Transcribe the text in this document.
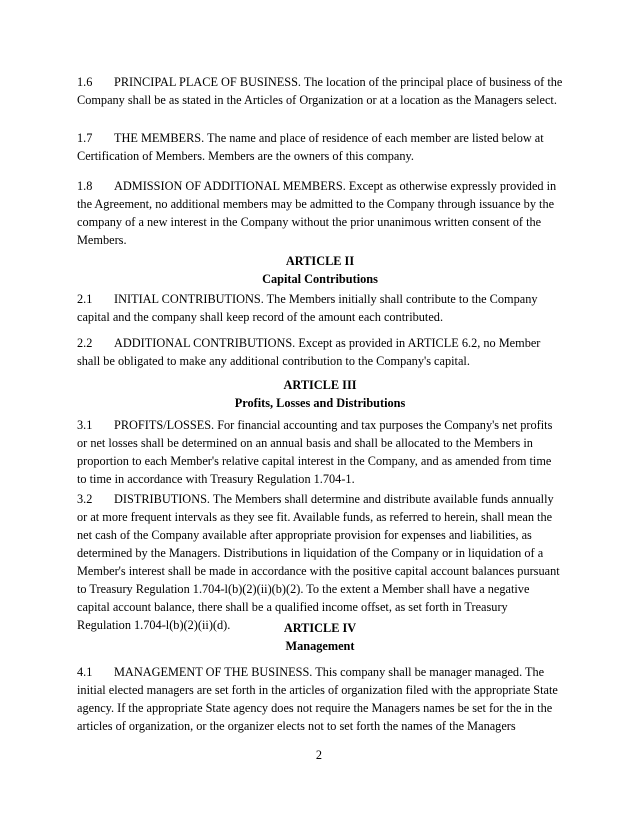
1.6 PRINCIPAL PLACE OF BUSINESS. The location of the principal place of business of the Company shall be as stated in the Articles of Organization or at a location as the Managers select.

1.7 THE MEMBERS. The name and place of residence of each member are listed below at Certification of Members. Members are the owners of this company.

1.8 ADMISSION OF ADDITIONAL MEMBERS. Except as otherwise expressly provided in the Agreement, no additional members may be admitted to the Company through issuance by the company of a new interest in the Company without the prior unanimous written consent of the Members.

ARTICLE II
Capital Contributions

2.1 INITIAL CONTRIBUTIONS. The Members initially shall contribute to the Company capital and the company shall keep record of the amount each contributed.

2.2 ADDITIONAL CONTRIBUTIONS. Except as provided in ARTICLE 6.2, no Member shall be obligated to make any additional contribution to the Company's capital.

ARTICLE III
Profits, Losses and Distributions

3.1 PROFITS/LOSSES. For financial accounting and tax purposes the Company's net profits or net losses shall be determined on an annual basis and shall be allocated to the Members in proportion to each Member's relative capital interest in the Company, and as amended from time to time in accordance with Treasury Regulation 1.704-1.

3.2 DISTRIBUTIONS. The Members shall determine and distribute available funds annually or at more frequent intervals as they see fit. Available funds, as referred to herein, shall mean the net cash of the Company available after appropriate provision for expenses and liabilities, as determined by the Managers. Distributions in liquidation of the Company or in liquidation of a Member's interest shall be made in accordance with the positive capital account balances pursuant to Treasury Regulation 1.704-l(b)(2)(ii)(b)(2). To the extent a Member shall have a negative capital account balance, there shall be a qualified income offset, as set forth in Treasury Regulation 1.704-l(b)(2)(ii)(d).	ARTICLE IV
Management

4.1 MANAGEMENT OF THE BUSINESS. This company shall be manager managed. The initial elected managers are set forth in the articles of organization filed with the appropriate State agency. If the appropriate State agency does not require the Managers names be set for the in the articles of organization, or the organizer elects not to set forth the names of the Managers

2
